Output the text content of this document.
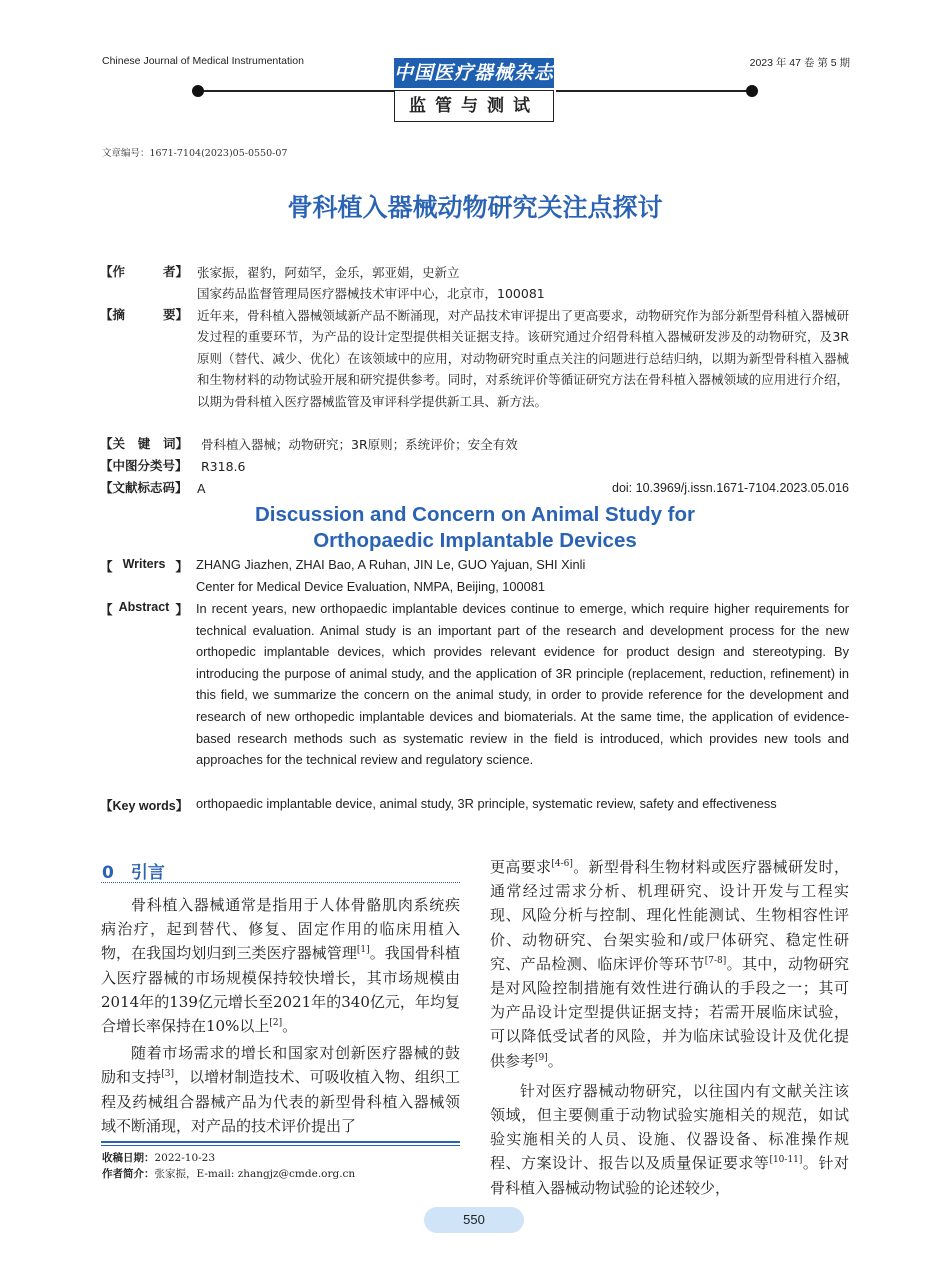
Chinese Journal of Medical Instrumentation	2023 年 47 卷 第 5 期
中国医疗器械杂志
监管与测试
文章编号：1671-7104(2023)05-0550-07
骨科植入器械动物研究关注点探讨
【作	者】 张家振，翟豹，阿茹罕，金乐，郭亚娟，史新立
国家药品监督管理局医疗器械技术审评中心，北京市，100081
【摘	要】 近年来，骨科植入器械领域新产品不断涌现，对产品技术审评提出了更高要求，动物研究作为部分新型骨科植入器械研发过程的重要环节，为产品的设计定型提供相关证据支持。该研究通过介绍骨科植入器械研发涉及的动物研究，及3R原则（替代、减少、优化）在该领域中的应用，对动物研究时重点关注的问题进行总结归纳，以期为新型骨科植入器械和生物材料的动物试验开展和研究提供参考。同时，对系统评价等循证研究方法在骨科植入器械领域的应用进行介绍，以期为骨科植入医疗器械监管及审评科学提供新工具、新方法。
【关 键 词】 骨科植入器械；动物研究；3R原则；系统评价；安全有效
【中图分类号】 R318.6
【文献标志码】 A	doi: 10.3969/j.issn.1671-7104.2023.05.016
Discussion and Concern on Animal Study for
Orthopaedic Implantable Devices
【 Writers 】 ZHANG Jiazhen, ZHAI Bao, A Ruhan, JIN Le, GUO Yajuan, SHI Xinli
Center for Medical Device Evaluation, NMPA, Beijing, 100081
【 Abstract 】 In recent years, new orthopaedic implantable devices continue to emerge, which require higher requirements for technical evaluation. Animal study is an important part of the research and development process for the new orthopedic implantable devices, which provides relevant evidence for product design and stereotyping. By introducing the purpose of animal study, and the application of 3R principle (replacement, reduction, refinement) in this field, we summarize the concern on the animal study, in order to provide reference for the development and research of new orthopedic implantable devices and biomaterials. At the same time, the application of evidence-based research methods such as systematic review in the field is introduced, which provides new tools and approaches for the technical review and regulatory science.
【Key words】 orthopaedic implantable device, animal study, 3R principle, systematic review, safety and effectiveness
0　引言

骨科植入器械通常是指用于人体骨骼肌肉系统疾病治疗，起到替代、修复、固定作用的临床用植入物，在我国均划归到三类医疗器械管理[1]。我国骨科植入医疗器械的市场规模保持较快增长，其市场规模由2014年的139亿元增长至2021年的340亿元，年均复合增长率保持在10%以上[2]。

随着市场需求的增长和国家对创新医疗器械的鼓励和支持[3]，以增材制造技术、可吸收植入物、组织工程及药械组合器械产品为代表的新型骨科植入器械领域不断涌现，对产品的技术评价提出了

更高要求[4-6]。新型骨科生物材料或医疗器械研发时，通常经过需求分析、机理研究、设计开发与工程实现、风险分析与控制、理化性能测试、生物相容性评价、动物研究、台架实验和/或尸体研究、稳定性研究、产品检测、临床评价等环节[7-8]。其中，动物研究是对风险控制措施有效性进行确认的手段之一；其可为产品设计定型提供证据支持；若需开展临床试验，可以降低受试者的风险，并为临床试验设计及优化提供参考[9]。

针对医疗器械动物研究，以往国内有文献关注该领域，但主要侧重于动物试验实施相关的规范，如试验实施相关的人员、设施、仪器设备、标准操作规程、方案设计、报告以及质量保证要求等[10-11]。针对骨科植入器械动物试验的论述较少，

收稿日期：2022-10-23
作者简介：张家振，E-mail: zhangjz@cmde.org.cn
550
